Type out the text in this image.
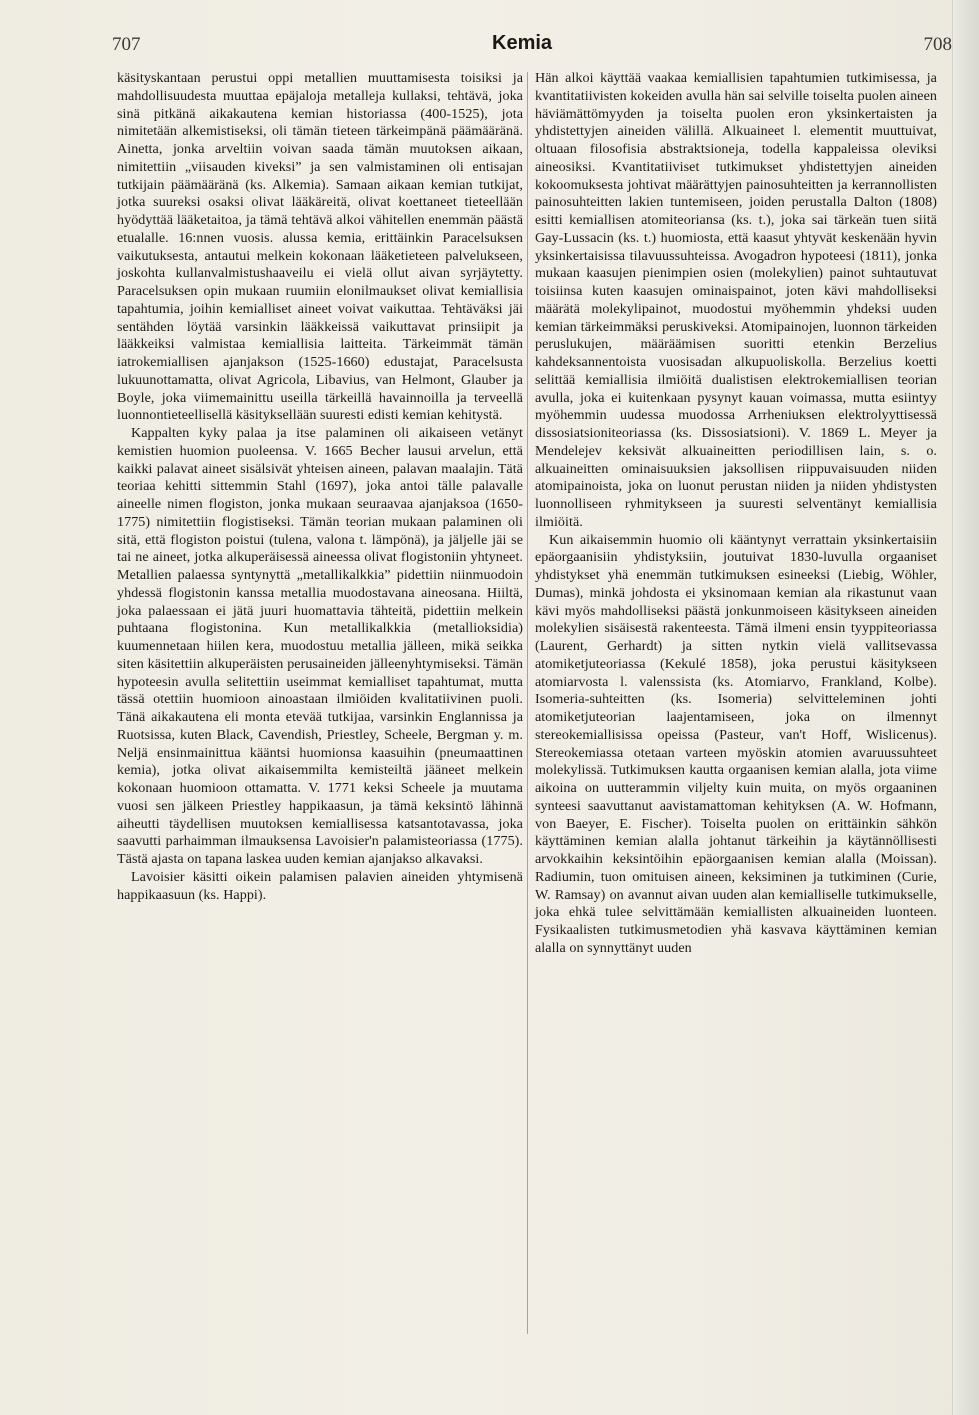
707	Kemia	708

käsityskantaan perustui oppi metallien muuttamisesta toisiksi ja mahdollisuudesta muuttaa epäjaloja metalleja kullaksi, tehtävä, joka sinä pitkänä aikakautena kemian historiassa (400-1525), jota nimitetään alkemistiseksi, oli tämän tieteen tärkeimpänä päämääränä. Ainetta, jonka arveltiin voivan saada tämän muutoksen aikaan, nimitettiin „viisauden kiveksi” ja sen valmistaminen oli entisajan tutkijain päämääränä (ks. Alkemia). Samaan aikaan kemian tutkijat, jotka suureksi osaksi olivat lääkäreitä, olivat koettaneet tieteellään hyödyttää lääketaitoa, ja tämä tehtävä alkoi vähitellen enemmän päästä etualalle. 16:nnen vuosis. alussa kemia, erittäinkin Paracelsuksen vaikutuksesta, antautui melkein kokonaan lääketieteen palvelukseen, joskohta kullanvalmistushaaveilu ei vielä ollut aivan syrjäytetty. Paracelsuksen opin mukaan ruumiin elonilmaukset olivat kemiallisia tapahtumia, joihin kemialliset aineet voivat vaikuttaa. Tehtäväksi jäi sentähden löytää varsinkin lääkkeissä vaikuttavat prinsiipit ja lääkkeiksi valmistaa kemiallisia laitteita. Tärkeimmät tämän iatrokemiallisen ajanjakson (1525-1660) edustajat, Paracelsusta lukuunottamatta, olivat Agricola, Libavius, van Helmont, Glauber ja Boyle, joka viimemainittu useilla tärkeillä havainnoilla ja terveellä luonnontieteellisellä käsityksellään suuresti edisti kemian kehitystä.

Kappalten kyky palaa ja itse palaminen oli aikaiseen vetänyt kemistien huomion puoleensa. V. 1665 Becher lausui arvelun, että kaikki palavat aineet sisälsivät yhteisen aineen, palavan maalajin. Tätä teoriaa kehitti sittemmin Stahl (1697), joka antoi tälle palavalle aineelle nimen flogiston, jonka mukaan seuraavaa ajanjaksoa (1650-1775) nimitettiin flogistiseksi. Tämän teorian mukaan palaminen oli sitä, että flogiston poistui (tulena, valona t. lämpönä), ja jäljelle jäi se tai ne aineet, jotka alkuperäisessä aineessa olivat flogistoniin yhtyneet. Metallien palaessa syntynyttä „metallikalkkia” pidettiin niinmuodoin yhdessä flogistonin kanssa metallia muodostavana aineosana. Hiiltä, joka palaessaan ei jätä juuri huomattavia tähteitä, pidettiin melkein puhtaana flogistonina. Kun metallikalkkia (metallioksidia) kuumennetaan hiilen kera, muodostuu metallia jälleen, mikä seikka siten käsitettiin alkuperäisten perusaineiden jälleenyhtymiseksi. Tämän hypoteesin avulla selitettiin useimmat kemialliset tapahtumat, mutta tässä otettiin huomioon ainoastaan ilmiöiden kvalitatiivinen puoli. Tänä aikakautena eli monta etevää tutkijaa, varsinkin Englannissa ja Ruotsissa, kuten Black, Cavendish, Priestley, Scheele, Bergman y. m. Neljä ensinmainittua kääntsi huomionsa kaasuihin (pneumaattinen kemia), jotka olivat aikaisemmilta kemisteiltä jääneet melkein kokonaan huomioon ottamatta. V. 1771 keksi Scheele ja muutama vuosi sen jälkeen Priestley happikaasun, ja tämä keksintö lähinnä aiheutti täydellisen muutoksen kemiallisessa katsantotavassa, joka saavutti parhaimman ilmauksensa Lavoisier'n palamisteoriassa (1775). Tästä ajasta on tapana laskea uuden kemian ajanjakso alkavaksi.

Lavoisier käsitti oikein palamisen palavien aineiden yhtymisenä happikaasuun (ks. Happi).

Hän alkoi käyttää vaakaa kemiallisien tapahtumien tutkimisessa, ja kvantitatiivisten kokeiden avulla hän sai selville toiselta puolen aineen häviämättömyyden ja toiselta puolen eron yksinkertaisten ja yhdistettyjen aineiden välillä. Alkuaineet l. elementit muuttuivat, oltuaan filosofisia abstraktsioneja, todella kappaleissa oleviksi aineosiksi. Kvantitatiiviset tutkimukset yhdistettyjen aineiden kokoomuksesta johtivat määrättyjen painosuhteitten ja kerrannollisten painosuhteitten lakien tuntemiseen, joiden perustalla Dalton (1808) esitti kemiallisen atomiteoriansa (ks. t.), joka sai tärkeän tuen siitä Gay-Lussacin (ks. t.) huomiosta, että kaasut yhtyvät keskenään hyvin yksinkertaisissa tilavuussuhteissa. Avogadron hypoteesi (1811), jonka mukaan kaasujen pienimpien osien (molekylien) painot suhtautuvat toisiinsa kuten kaasujen ominaispainot, joten kävi mahdolliseksi määrätä molekylipainot, muodostui myöhemmin yhdeksi uuden kemian tärkeimmäksi peruskiveksi. Atomipainojen, luonnon tärkeiden peruslukujen, määräämisen suoritti etenkin Berzelius kahdeksannentoista vuosisadan alkupuoliskolla. Berzelius koetti selittää kemiallisia ilmiöitä dualistisen elektrokemiallisen teorian avulla, joka ei kuitenkaan pysynyt kauan voimassa, mutta esiintyy myöhemmin uudessa muodossa Arrheniuksen elektrolyyttisessä dissosiatsioniteoriassa (ks. Dissosiatsioni). V. 1869 L. Meyer ja Mendelejev keksivät alkuaineitten periodillisen lain, s. o. alkuaineitten ominaisuuksien jaksollisen riippuvaisuuden niiden atomipainoista, joka on luonut perustan niiden ja niiden yhdistysten luonnolliseen ryhmitykseen ja suuresti selventänyt kemiallisia ilmiöitä.

Kun aikaisemmin huomio oli kääntynyt verrattain yksinkertaisiin epäorgaanisiin yhdistyksiin, joutuivat 1830-luvulla orgaaniset yhdistykset yhä enemmän tutkimuksen esineeksi (Liebig, Wöhler, Dumas), minkä johdosta ei yksinomaan kemian ala rikastunut vaan kävi myös mahdolliseksi päästä jonkunmoiseen käsitykseen aineiden molekylien sisäisestä rakenteesta. Tämä ilmeni ensin tyyppiteoriassa (Laurent, Gerhardt) ja sitten nytkin vielä vallitsevassa atomiketjuteoriassa (Kekulé 1858), joka perustui käsitykseen atomiarvosta l. valenssista (ks. Atomiarvo, Frankland, Kolbe). Isomeria-suhteitten (ks. Isomeria) selvitteleminen johti atomiketjuteorian laajentamiseen, joka on ilmennyt stereokemiallisissa opeissa (Pasteur, van't Hoff, Wislicenus). Stereokemiassa otetaan varteen myöskin atomien avaruussuhteet molekylissä. Tutkimuksen kautta orgaanisen kemian alalla, jota viime aikoina on uutterammin viljelty kuin muita, on myös orgaaninen synteesi saavuttanut aavistamattoman kehityksen (A. W. Hofmann, von Baeyer, E. Fischer). Toiselta puolen on erittäinkin sähkön käyttäminen kemian alalla johtanut tärkeihin ja käytännöllisesti arvokkaihin keksintöihin epäorgaanisen kemian alalla (Moissan). Radiumin, tuon omituisen aineen, keksiminen ja tutkiminen (Curie, W. Ramsay) on avannut aivan uuden alan kemialliselle tutkimukselle, joka ehkä tulee selvittämään kemiallisten alkuaineiden luonteen. Fysikaalisten tutkimusmetodien yhä kasvava käyttäminen kemian alalla on synnyttänyt uuden
